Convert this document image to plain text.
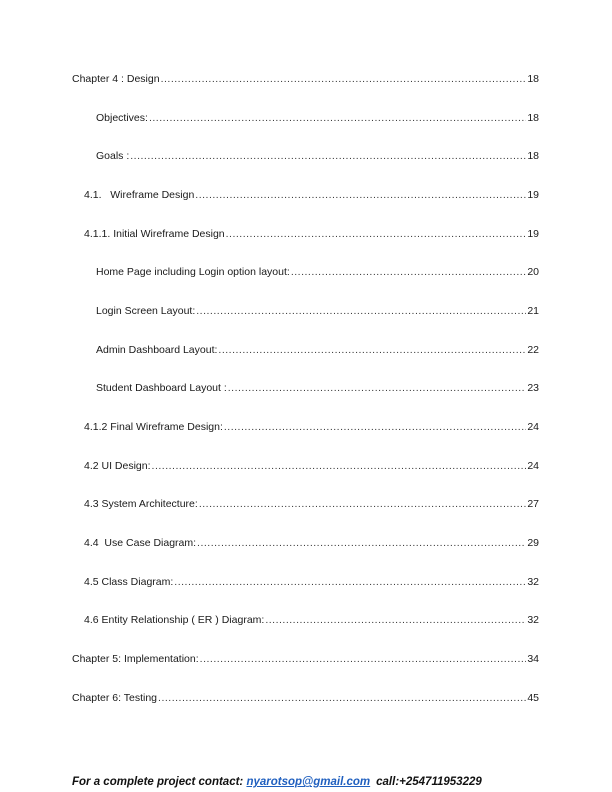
Chapter 4 : Design .....	18
Objectives: .....	18
Goals : .....	18
4.1.   Wireframe Design .....	19
4.1.1. Initial Wireframe Design .....	19
Home Page including Login option layout: .....	20
Login Screen Layout: .....	21
Admin Dashboard Layout: .....	22
Student Dashboard Layout : .....	23
4.1.2 Final Wireframe Design: .....	24
4.2 UI Design: .....	24
4.3 System Architecture: .....	27
4.4  Use Case Diagram: .....	29
4.5 Class Diagram: .....	32
4.6 Entity Relationship ( ER ) Diagram: .....	32
Chapter 5: Implementation: .....	34
Chapter 6: Testing .....	45
For a complete project contact: nyarotsop@gmail.com call:+254711953229
